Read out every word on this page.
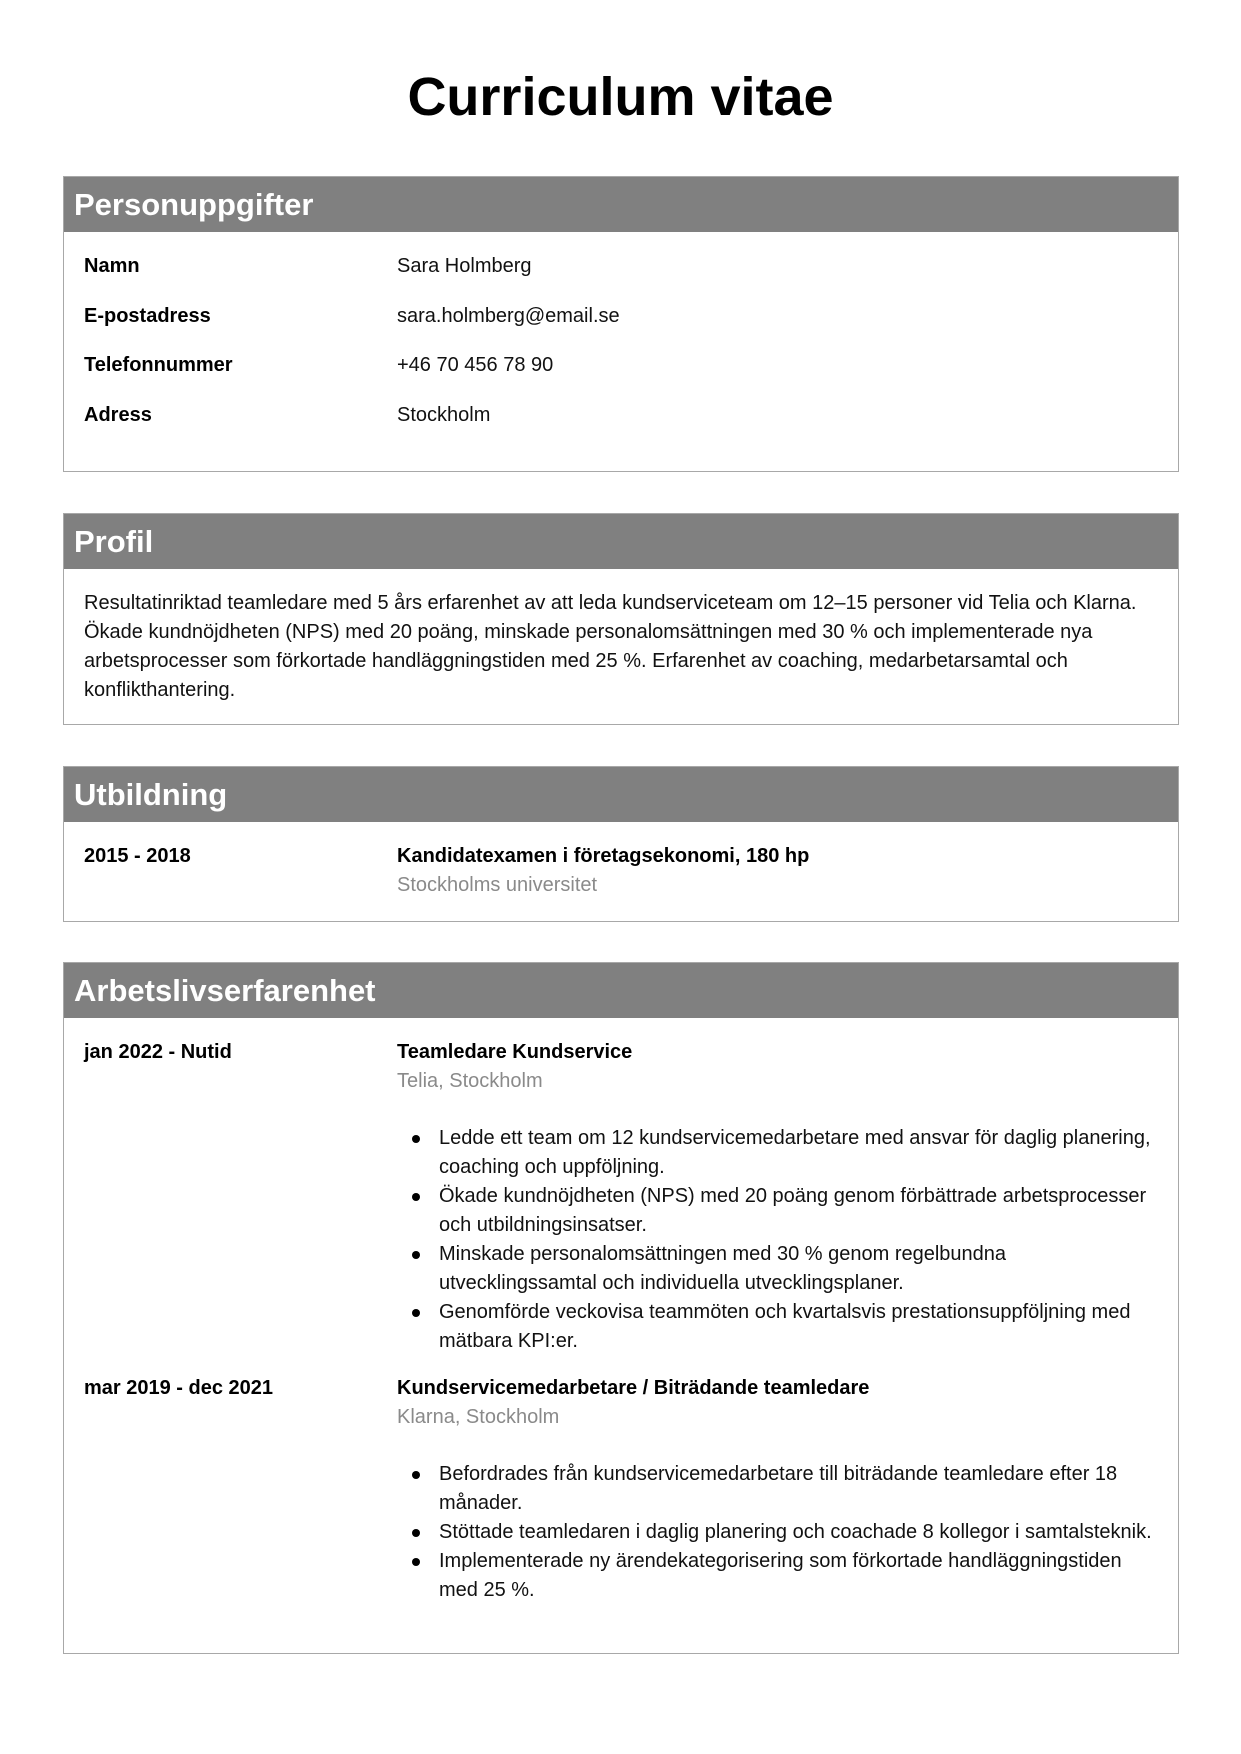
Curriculum vitae
Personuppgifter
Namn	Sara Holmberg
E-postadress	sara.holmberg@email.se
Telefonnummer	+46 70 456 78 90
Adress	Stockholm
Profil

Resultatinriktad teamledare med 5 års erfarenhet av att leda kundserviceteam om 12–15 personer vid Telia och Klarna. Ökade kundnöjdheten (NPS) med 20 poäng, minskade personalomsättningen med 30 % och implementerade nya arbetsprocesser som förkortade handläggningstiden med 25 %. Erfarenhet av coaching, medarbetarsamtal och konflikthantering.

Utbildning
2015 - 2018	Kandidatexamen i företagsekonomi, 180 hp
Stockholms universitet
Arbetslivserfarenhet
jan 2022 - Nutid	Teamledare Kundservice
Telia, Stockholm
Ledde ett team om 12 kundservicemedarbetare med ansvar för daglig planering, coaching och uppföljning.
Ökade kundnöjdheten (NPS) med 20 poäng genom förbättrade arbetsprocesser och utbildningsinsatser.
Minskade personalomsättningen med 30 % genom regelbundna utvecklingssamtal och individuella utvecklingsplaner.
Genomförde veckovisa teammöten och kvartalsvis prestationsuppföljning med mätbara KPI:er.
mar 2019 - dec 2021	Kundservicemedarbetare / Biträdande teamledare
Klarna, Stockholm
Befordrades från kundservicemedarbetare till biträdande teamledare efter 18 månader.
Stöttade teamledaren i daglig planering och coachade 8 kollegor i samtalsteknik.
Implementerade ny ärendekategorisering som förkortade handläggningstiden med 25 %.
